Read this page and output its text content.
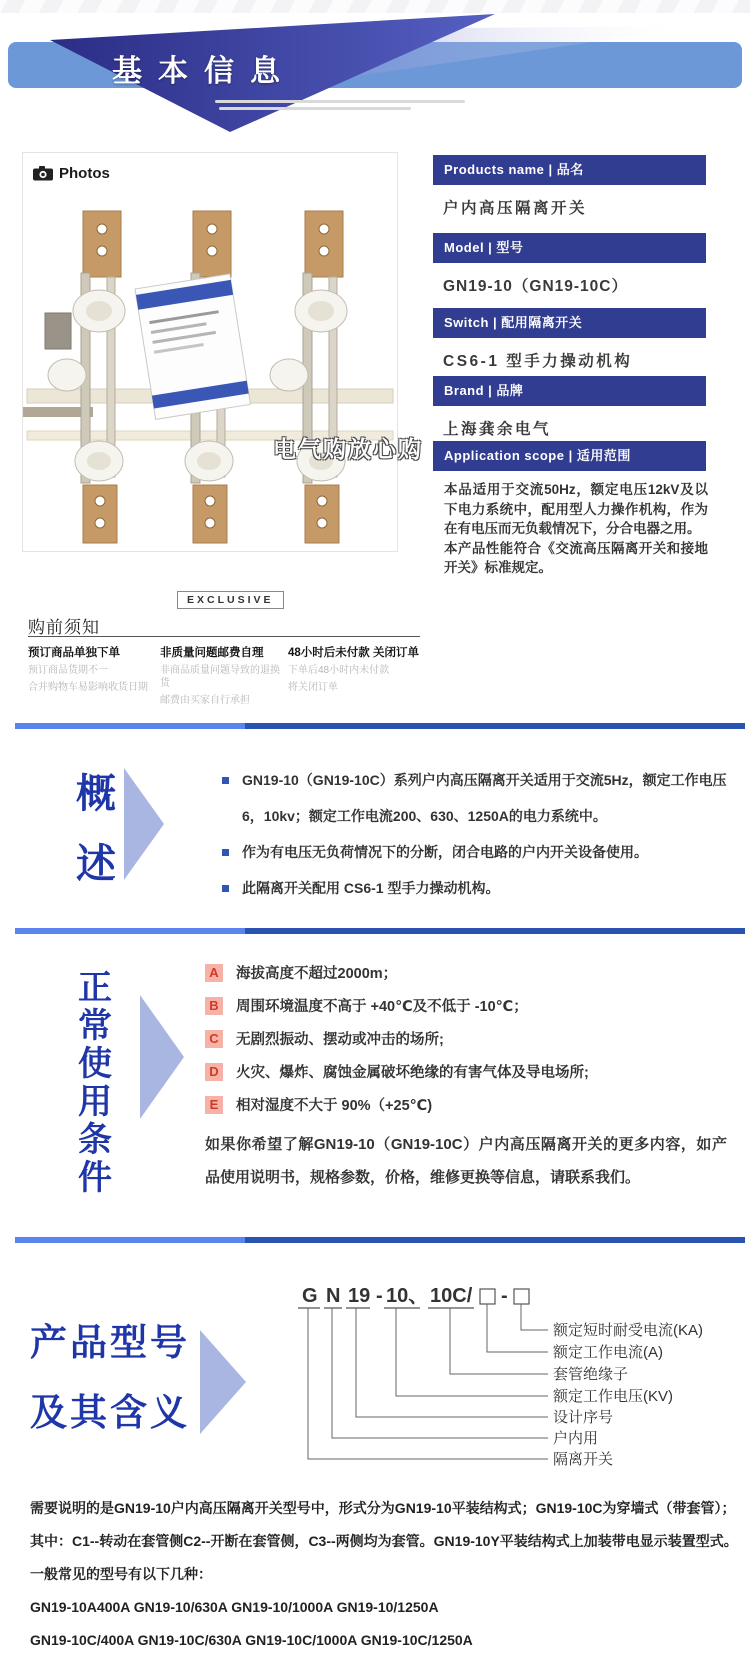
基本信息
Photos
电气购放心购
Products name | 品名
户内高压隔离开关
Model | 型号
GN19-10（GN19-10C）
Switch | 配用隔离开关
CS6-1 型手力操动机构
Brand | 品牌
上海龚余电气
Application scope | 适用范围

本品适用于交流50Hz，额定电压12kV及以下电力系统中，配用型人力操作机构，作为在有电压而无负载情况下，分合电器之用。

本产品性能符合《交流高压隔离开关和接地开关》标准规定。

EXCLUSIVE
购前须知
预订商品单独下单
预订商品货期不一
合并购物车易影响收货日期
非质量问题邮费自理
非商品质量问题导致的退换货
邮费由买家自行承担
48小时后未付款 关闭订单
下单后48小时内未付款
将关闭订单
概
述
GN19-10（GN19-10C）系列户内高压隔离开关适用于交流5Hz，额定工作电压 6，10kv；额定工作电流200、630、1250A的电力系统中。
作为有电压无负荷情况下的分断，闭合电路的户内开关设备使用。
此隔离开关配用 CS6-1 型手力操动机构。
正
常
使
用
条
件
A 海拔高度不超过2000m；
B 周围环境温度不高于 +40℃及不低于 -10℃；
C 无剧烈振动、摆动或冲击的场所;
D 火灾、爆炸、腐蚀金属破坏绝缘的有害气体及导电场所;
E	相对湿度不大于 90%（+25℃)
如果你希望了解GN19-10（GN19-10C）户内高压隔离开关的更多内容，如产品使用说明书，规格参数，价格，维修更换等信息，请联系我们。
产品型号
及其含义
G N 19 - 10、 10C/ -
额定短时耐受电流(KA)
额定工作电流(A)
套管绝缘子
额定工作电压(KV)
设计序号
户内用
隔离开关
需要说明的是GN19-10户内高压隔离开关型号中，形式分为GN19-10平装结构式；GN19-10C为穿墙式（带套管）；
其中：C1--转动在套管侧C2--开断在套管侧，C3--两侧均为套管。GN19-10Y平装结构式上加装带电显示装置型式。
一般常见的型号有以下几种：
GN19-10A400A GN19-10/630A GN19-10/1000A GN19-10/1250A
GN19-10C/400A GN19-10C/630A GN19-10C/1000A GN19-10C/1250A
